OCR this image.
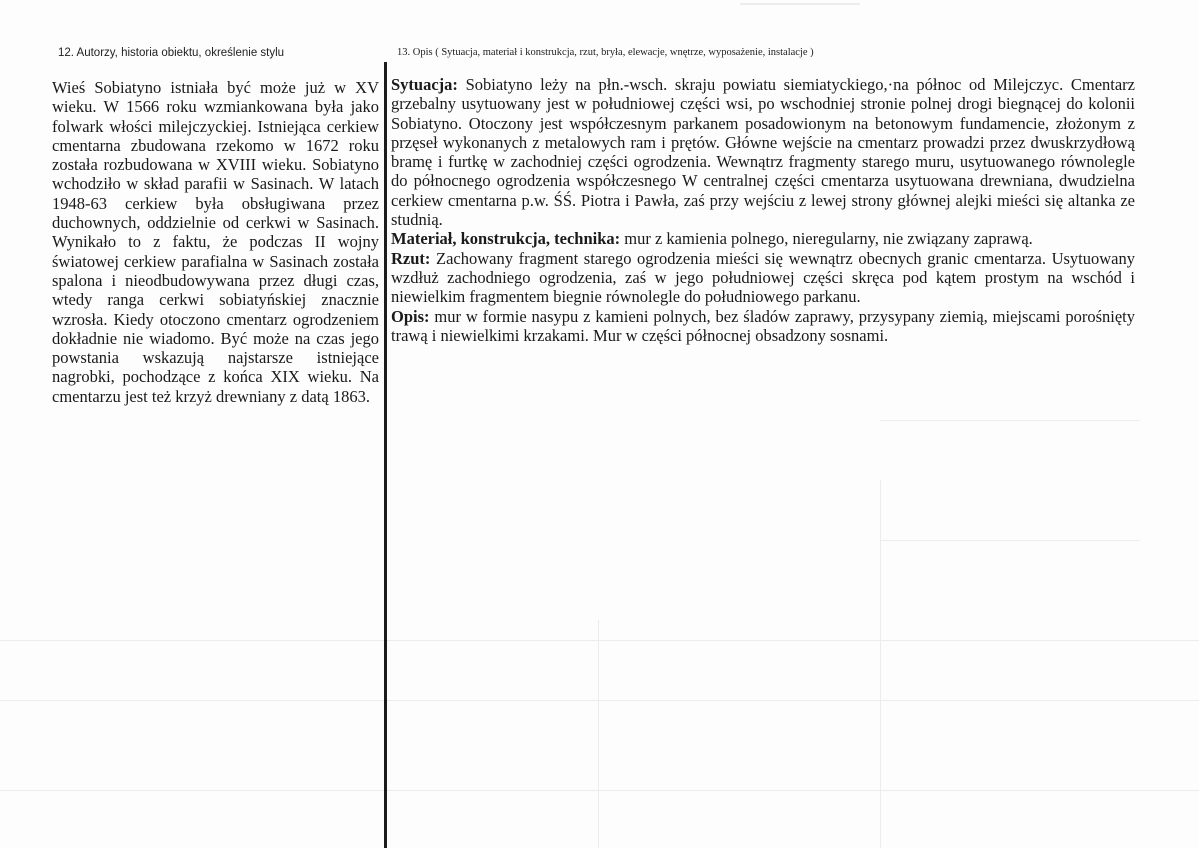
12. Autorzy, historia obiektu, określenie stylu	13. Opis ( Sytuacja, materiał i konstrukcja, rzut, bryła, elewacje, wnętrze, wyposażenie, instalacje )

Wieś Sobiatyno istniała być może już w XV wieku. W 1566 roku wzmiankowana była jako folwark włości milejczyckiej. Istniejąca cerkiew cmentarna zbudowana rzekomo w 1672 roku została rozbudowana w XVIII wieku. Sobiatyno wchodziło w skład parafii w Sasinach. W latach 1948-63 cerkiew była obsługiwana przez duchownych, oddzielnie od cerkwi w Sasinach. Wynikało to z faktu, że podczas II wojny światowej cerkiew parafialna w Sasinach została spalona i nieodbudowywana przez długi czas, wtedy ranga cerkwi sobiatyńskiej znacznie wzrosła. Kiedy otoczono cmentarz ogrodzeniem dokładnie nie wiadomo. Być może na czas jego powstania wskazują najstarsze istniejące nagrobki, pochodzące z końca XIX wieku. Na cmentarzu jest też krzyż drewniany z datą 1863.

Sytuacja: Sobiatyno leży na płn.-wsch. skraju powiatu siemiatyckiego,·na północ od Milejczyc. Cmentarz grzebalny usytuowany jest w południowej części wsi, po wschodniej stronie polnej drogi biegnącej do kolonii Sobiatyno. Otoczony jest współczesnym parkanem posadowionym na betonowym fundamencie, złożonym z przęseł wykonanych z metalowych ram i prętów. Główne wejście na cmentarz prowadzi przez dwuskrzydłową bramę i furtkę w zachodniej części ogrodzenia. Wewnątrz fragmenty starego muru, usytuowanego równolegle do północnego ogrodzenia współczesnego W centralnej części cmentarza usytuowana drewniana, dwudzielna cerkiew cmentarna p.w. ŚŚ. Piotra i Pawła, zaś przy wejściu z lewej strony głównej alejki mieści się altanka ze studnią.

Materiał, konstrukcja, technika: mur z kamienia polnego, nieregularny, nie związany zaprawą.

Rzut: Zachowany fragment starego ogrodzenia mieści się wewnątrz obecnych granic cmentarza. Usytuowany wzdłuż zachodniego ogrodzenia, zaś w jego południowej części skręca pod kątem prostym na wschód i niewielkim fragmentem biegnie równolegle do południowego parkanu.

Opis: mur w formie nasypu z kamieni polnych, bez śladów zaprawy, przysypany ziemią, miejscami porośnięty trawą i niewielkimi krzakami. Mur w części północnej obsadzony sosnami.
